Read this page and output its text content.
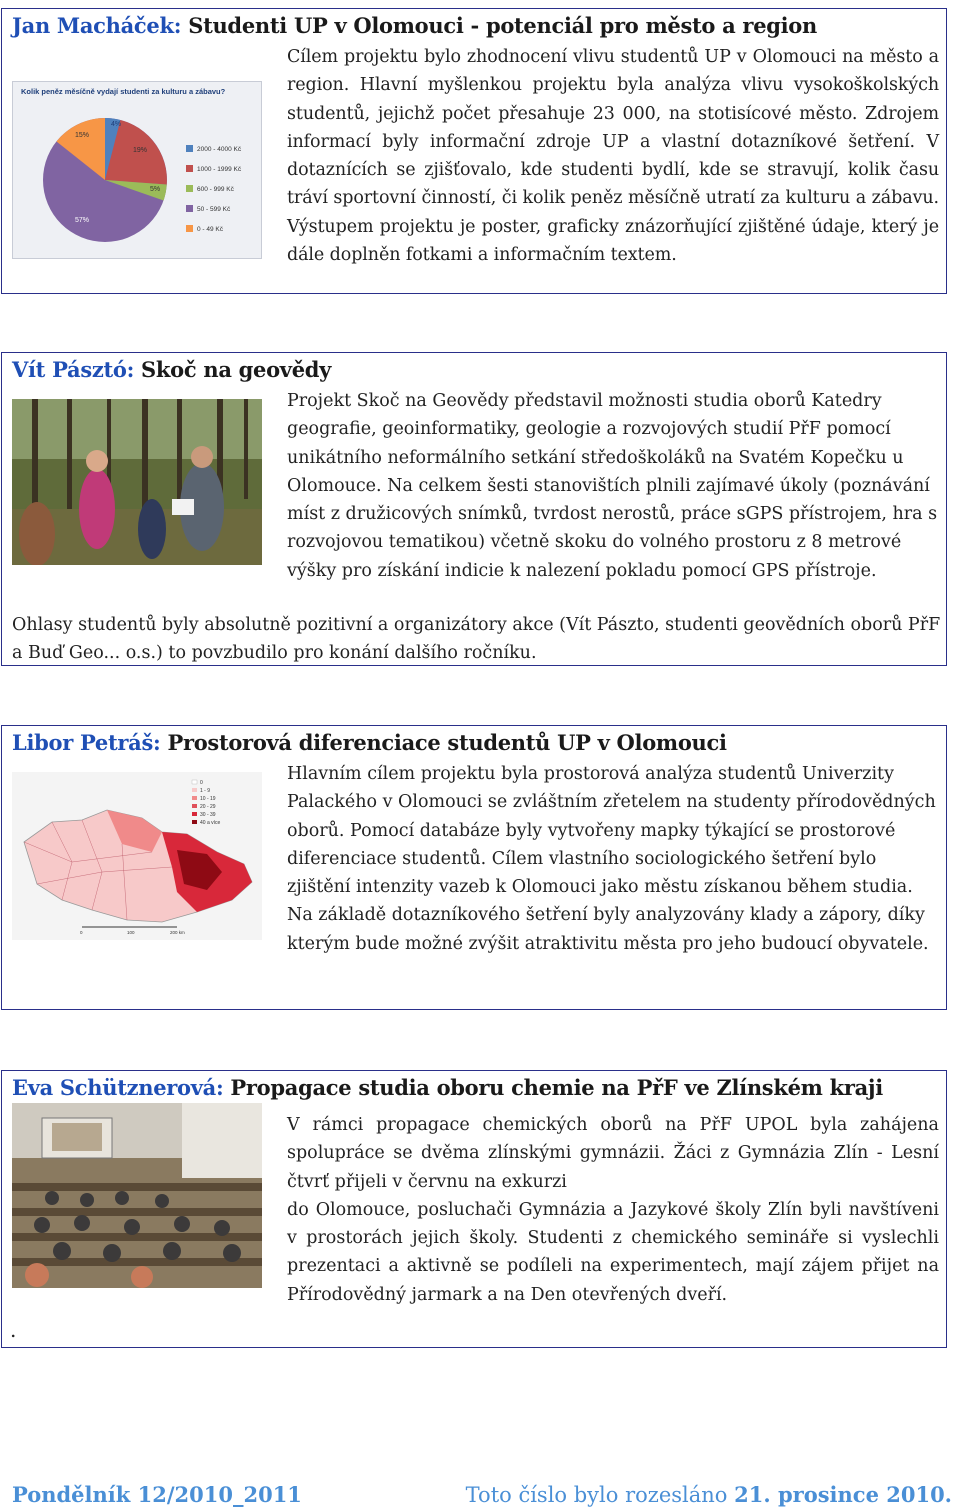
Jan Macháček: Studenti UP v Olomouci - potenciál pro město a region
Kolik peněz měsíčně vydají studenti za kulturu a zábavu?
4%
19%
5%
57%
15%
2000 - 4000 Kč
1000 - 1999 Kč
600 - 999 Kč
50 - 599 Kč
0 - 49 Kč
Cílem projektu bylo zhodnocení vlivu studentů UP v Olomouci na město a region. Hlavní myšlenkou projektu byla analýza vlivu vysokoškolských studentů, jejichž počet přesahuje 23 000, na stotisícové město. Zdrojem informací byly informační zdroje UP a vlastní dotazníkové šetření. V dotaznících se zjišťovalo, kde studenti bydlí, kde se stravují, kolik času tráví sportovní činností, či kolik peněz měsíčně utratí za kulturu a zábavu. Výstupem projektu je poster, graficky znázorňující zjištěné údaje, který je dále doplněn fotkami a informačním textem.
Vít Pásztó: Skoč na geovědy
Projekt Skoč na Geovědy představil možnosti studia oborů Katedry geografie, geoinformatiky, geologie a rozvojových studií PřF pomocí unikátního neformálního setkání středoškoláků na Svatém Kopečku u Olomouce. Na celkem šesti stanovištích plnili zajímavé úkoly (poznávání míst z družicových snímků, tvrdost nerostů, práce sGPS přístrojem, hra s rozvojovou tematikou) včetně skoku do volného prostoru z 8 metrové výšky pro získání indicie k nalezení pokladu pomocí GPS přístroje.
Ohlasy studentů byly absolutně pozitivní a organizátory akce (Vít Pászto, studenti geovědních oborů PřF a Buď Geo... o.s.) to povzbudilo pro konání dalšího ročníku.
Libor Petráš: Prostorová diferenciace studentů UP v Olomouci
0
1 - 9
10 - 19
20 - 29
30 - 39
40 a více
0	100	200 km
Hlavním cílem projektu byla prostorová analýza studentů Univerzity Palackého v Olomouci se zvláštním zřetelem na studenty přírodovědných oborů. Pomocí databáze byly vytvořeny mapky týkající se prostorové diferenciace studentů. Cílem vlastního sociologického šetření bylo zjištění intenzity vazeb k Olomouci jako městu získanou během studia. Na základě dotazníkového šetření byly analyzovány klady a zápory, díky kterým bude možné zvýšit atraktivitu města pro jeho budoucí obyvatele.
Eva Schütznerová: Propagace studia oboru chemie na PřF ve Zlínském kraji
V rámci propagace chemických oborů na PřF UPOL byla zahájena spolupráce se dvěma zlínskými gymnázii. Žáci z Gymnázia Zlín - Lesní čtvrť přijeli v červnu na exkurzi
do Olomouce, posluchači Gymnázia a Jazykové školy Zlín byli navštíveni v prostorách jejich školy. Studenti z chemického semináře si vyslechli prezentaci a aktivně se podíleli na experimentech, mají zájem přijet na Přírodovědný jarmark a na Den otevřených dveří.
.
Pondělník 12/2010_2011	Toto číslo bylo rozesláno 21. prosince 2010.
